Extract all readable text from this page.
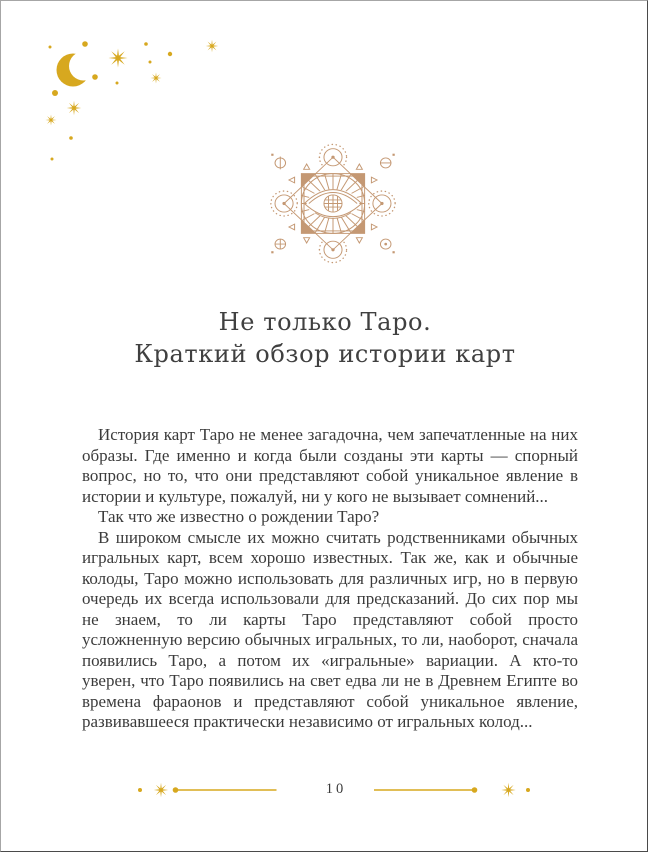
Не только Таро.
Краткий обзор истории карт

История карт Таро не менее загадочна, чем запечатленные на них образы. Где именно и когда были созданы эти карты — спорный вопрос, но то, что они представляют собой уникальное явление в истории и культуре, пожалуй, ни у кого не вызывает сомнений...

Так что же известно о рождении Таро?

В широком смысле их можно считать родственниками обычных игральных карт, всем хорошо известных. Так же, как и обычные колоды, Таро можно использовать для различных игр, но в первую очередь их всегда использовали для предсказаний. До сих пор мы не знаем, то ли карты Таро представляют собой просто усложненную версию обычных игральных, то ли, наоборот, сначала появились Таро, а потом их «игральные» вариации. А кто-то уверен, что Таро появились на свет едва ли не в Древнем Египте во времена фараонов и представляют собой уникальное явление, развивавшееся практически независимо от игральных колод...

10
